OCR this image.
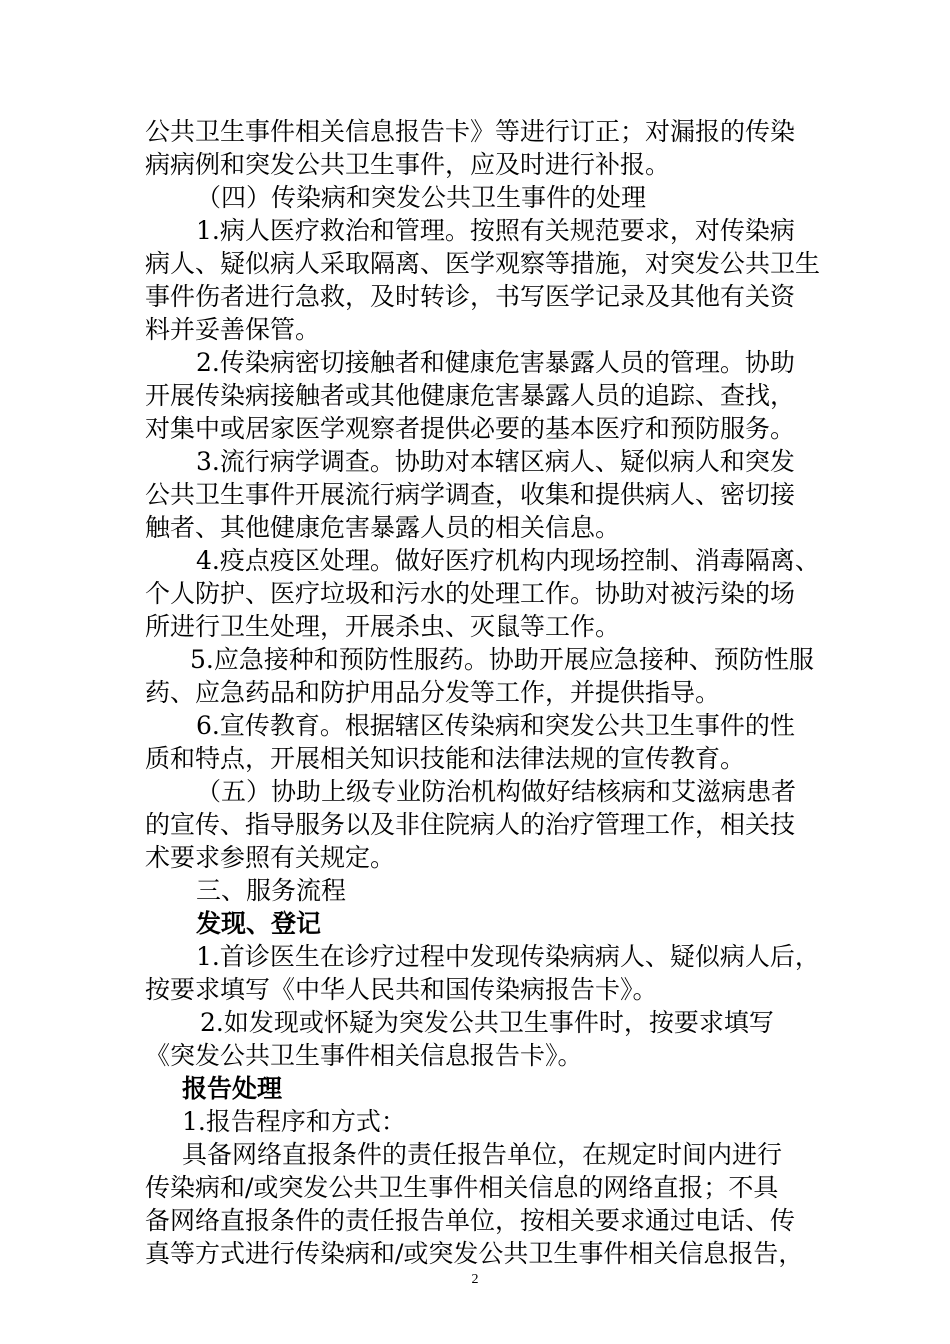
公共卫生事件相关信息报告卡》等进行订正；对漏报的传染
病病例和突发公共卫生事件，应及时进行补报。
（四）传染病和突发公共卫生事件的处理
1.病人医疗救治和管理。按照有关规范要求，对传染病
病人、疑似病人采取隔离、医学观察等措施，对突发公共卫生
事件伤者进行急救，及时转诊，书写医学记录及其他有关资
料并妥善保管。
2.传染病密切接触者和健康危害暴露人员的管理。协助
开展传染病接触者或其他健康危害暴露人员的追踪、查找，
对集中或居家医学观察者提供必要的基本医疗和预防服务。
3.流行病学调查。协助对本辖区病人、疑似病人和突发
公共卫生事件开展流行病学调查，收集和提供病人、密切接
触者、其他健康危害暴露人员的相关信息。
4.疫点疫区处理。做好医疗机构内现场控制、消毒隔离、
个人防护、医疗垃圾和污水的处理工作。协助对被污染的场
所进行卫生处理，开展杀虫、灭鼠等工作。
5.应急接种和预防性服药。协助开展应急接种、预防性服
药、应急药品和防护用品分发等工作，并提供指导。
6.宣传教育。根据辖区传染病和突发公共卫生事件的性
质和特点，开展相关知识技能和法律法规的宣传教育。
（五）协助上级专业防治机构做好结核病和艾滋病患者
的宣传、指导服务以及非住院病人的治疗管理工作，相关技
术要求参照有关规定。
三、服务流程
发现、登记
1.首诊医生在诊疗过程中发现传染病病人、疑似病人后，
按要求填写《中华人民共和国传染病报告卡》。
2.如发现或怀疑为突发公共卫生事件时，按要求填写
《突发公共卫生事件相关信息报告卡》。
报告处理
1.报告程序和方式：
具备网络直报条件的责任报告单位，在规定时间内进行
传染病和/或突发公共卫生事件相关信息的网络直报；不具
备网络直报条件的责任报告单位，按相关要求通过电话、传
真等方式进行传染病和/或突发公共卫生事件相关信息报告，
2
